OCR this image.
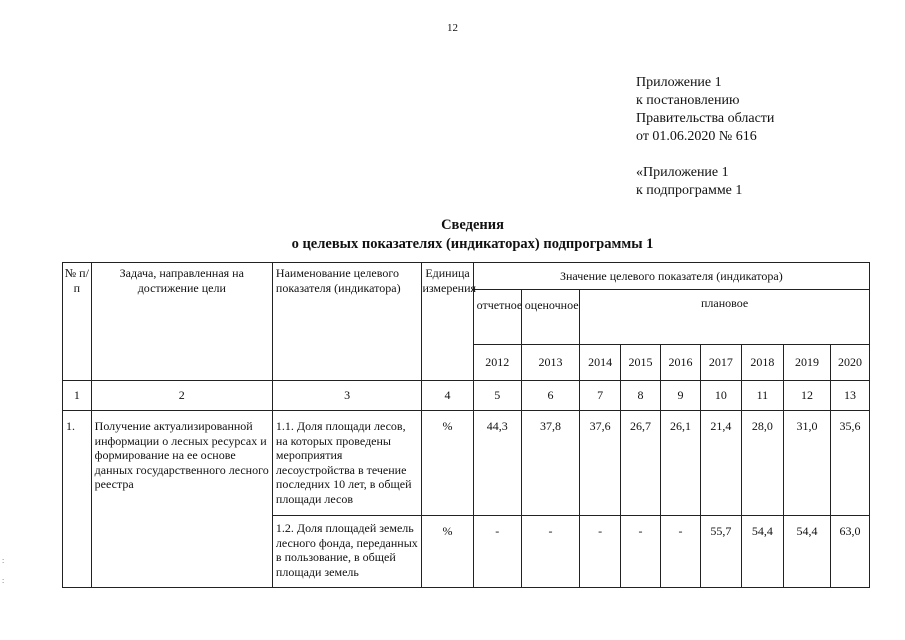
12
Приложение 1
к постановлению
Правительства области
от 01.06.2020 № 616
«Приложение 1
к подпрограмме 1
Сведения
о целевых показателях (индикаторах) подпрограммы 1
№ п/п	Задача, направленная на достижение цели	Наименование целевого показателя (индикатора)	Единица измерения	Значение целевого показателя (индикатора)								
				отчетное	оценочное	плановое						
				2012	2013	2014	2015	2016	2017	2018	2019	2020
1	2	3	4	5	6	7	8	9	10	11	12	13
1.	Получение актуализированной информации о лесных ресурсах и формирование на ее основе данных государственного лесного реестра	1.1. Доля площади лесов, на которых проведены мероприятия лесоустройства в течение последних 10 лет, в общей площади лесов	%	44,3	37,8	37,6	26,7	26,1	21,4	28,0	31,0	35,6
		1.2. Доля площадей земель лесного фонда, переданных в пользование, в общей площади земель	%	-	-	-	-	-	55,7	54,4	54,4	63,0
:
:
